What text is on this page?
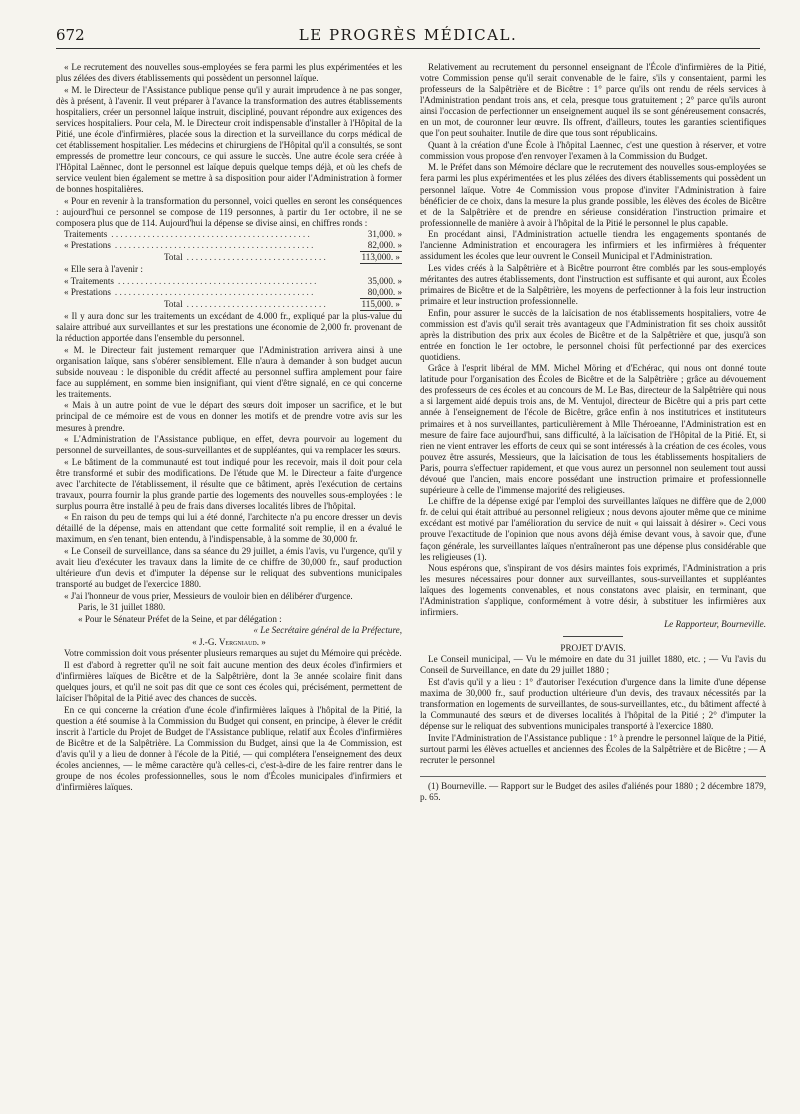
672	LE PROGRÈS MÉDICAL.

« Le recrutement des nouvelles sous-employées se fera parmi les plus expérimentées et les plus zélées des divers établissements qui possèdent un personnel laïque.

« M. le Directeur de l'Assistance publique pense qu'il y aurait imprudence à ne pas songer, dès à présent, à l'avenir. Il veut préparer à l'avance la transformation des autres établissements hospitaliers, créer un personnel laïque instruit, discipliné, pouvant répondre aux exigences des services hospitaliers. Pour cela, M. le Directeur croit indispensable d'installer à l'Hôpital de la Pitié, une école d'infirmières, placée sous la direction et la surveillance du corps médical de cet établissement hospitalier. Les médecins et chirurgiens de l'Hôpital qu'il a consultés, se sont empressés de promettre leur concours, ce qui assure le succès. Une autre école sera créée à l'Hôpital Laënnec, dont le personnel est laïque depuis quelque temps déjà, et où les chefs de service veulent bien également se mettre à sa disposition pour aider l'Administration à former de bonnes hospitalières.

« Pour en revenir à la transformation du personnel, voici quelles en seront les conséquences : aujourd'hui ce personnel se compose de 119 personnes, à partir du 1er octobre, il ne se composera plus que de 114. Aujourd'hui la dépense se divise ainsi, en chiffres ronds :

Traitements . . .	31,000. »
« Prestations . . .	82,000. »
Total . . .	113,000. »

« Elle sera à l'avenir :

« Traitements . . .	35,000. »
« Prestations . . .	80,000. »
Total . . .	115,000. »

« Il y aura donc sur les traitements un excédant de 4.000 fr., expliqué par la plus-value du salaire attribué aux surveillantes et sur les prestations une économie de 2,000 fr. provenant de la réduction apportée dans l'ensemble du personnel.

« M. le Directeur fait justement remarquer que l'Administration arrivera ainsi à une organisation laïque, sans s'obérer sensiblement. Elle n'aura à demander à son budget aucun subside nouveau : le disponible du crédit affecté au personnel suffira amplement pour faire face au supplément, en somme bien insignifiant, qui vient d'être signalé, en ce qui concerne les traitements.

« Mais à un autre point de vue le départ des sœurs doit imposer un sacrifice, et le but principal de ce mémoire est de vous en donner les motifs et de prendre votre avis sur les mesures à prendre.

« L'Administration de l'Assistance publique, en effet, devra pourvoir au logement du personnel de surveillantes, de sous-surveillantes et de suppléantes, qui va remplacer les sœurs.

« Le bâtiment de la communauté est tout indiqué pour les recevoir, mais il doit pour cela être transformé et subir des modifications. De l'étude que M. le Directeur a faite d'urgence avec l'architecte de l'établissement, il résulte que ce bâtiment, après l'exécution de certains travaux, pourra fournir la plus grande partie des logements des nouvelles sous-employées : le surplus pourra être installé à peu de frais dans diverses localités libres de l'hôpital.

« En raison du peu de temps qui lui a été donné, l'architecte n'a pu encore dresser un devis détaillé de la dépense, mais en attendant que cette formalité soit remplie, il en a évalué le maximum, en s'en tenant, bien entendu, à l'indispensable, à la somme de 30,000 fr.

« Le Conseil de surveillance, dans sa séance du 29 juillet, a émis l'avis, vu l'urgence, qu'il y avait lieu d'exécuter les travaux dans la limite de ce chiffre de 30,000 fr., sauf production ultérieure d'un devis et d'imputer la dépense sur le reliquat des subventions municipales transporté au budget de l'exercice 1880.

« J'ai l'honneur de vous prier, Messieurs de vouloir bien en délibérer d'urgence.

Paris, le 31 juillet 1880.

« Pour le Sénateur Préfet de la Seine, et par délégation :

« Le Secrétaire général de la Préfecture,

« J.-G. Vergniaud. »

Votre commission doit vous présenter plusieurs remarques au sujet du Mémoire qui précède.

Il est d'abord à regretter qu'il ne soit fait aucune mention des deux écoles d'infirmiers et d'infirmières laïques de Bicêtre et de la Salpêtrière, dont la 3e année scolaire finit dans quelques jours, et qu'il ne soit pas dit que ce sont ces écoles qui, précisément, permettent de laïciser l'hôpital de la Pitié avec des chances de succès.

En ce qui concerne la création d'une école d'infirmières laïques à l'hôpital de la Pitié, la question a été soumise à la Commission du Budget qui consent, en principe, à élever le crédit inscrit à l'article du Projet de Budget de l'Assistance publique, relatif aux Écoles d'infirmières de Bicêtre et de la Salpêtrière. La Commission du Budget, ainsi que la 4e Commission, est d'avis qu'il y a lieu de donner à l'école de la Pitié, — qui complétera l'enseignement des deux écoles anciennes, — le même caractère qu'à celles-ci, c'est-à-dire de les faire rentrer dans le groupe de nos écoles professionnelles, sous le nom d'Écoles municipales d'infirmiers et d'infirmières laïques.

Relativement au recrutement du personnel enseignant de l'École d'infirmières de la Pitié, votre Commission pense qu'il serait convenable de le faire, s'ils y consentaient, parmi les professeurs de la Salpêtrière et de Bicêtre : 1° parce qu'ils ont rendu de réels services à l'Administration pendant trois ans, et cela, presque tous gratuitement ; 2° parce qu'ils auront ainsi l'occasion de perfectionner un enseignement auquel ils se sont généreusement consacrés, en un mot, de couronner leur œuvre. Ils offrent, d'ailleurs, toutes les garanties scientifiques que l'on peut souhaiter. Inutile de dire que tous sont républicains.

Quant à la création d'une École à l'hôpital Laennec, c'est une question à réserver, et votre commission vous propose d'en renvoyer l'examen à la Commission du Budget.

M. le Préfet dans son Mémoire déclare que le recrutement des nouvelles sous-employées se fera parmi les plus expérimentées et les plus zélées des divers établissements qui possèdent un personnel laïque. Votre 4e Commission vous propose d'inviter l'Administration à faire bénéficier de ce choix, dans la mesure la plus grande possible, les élèves des écoles de Bicêtre et de la Salpêtrière et de prendre en sérieuse considération l'instruction primaire et professionnelle de manière à avoir à l'hôpital de la Pitié le personnel le plus capable.

En procédant ainsi, l'Administration actuelle tiendra les engagements spontanés de l'ancienne Administration et encouragera les infirmiers et les infirmières à fréquenter assidument les écoles que leur ouvrent le Conseil Municipal et l'Administration.

Les vides créés à la Salpêtrière et à Bicêtre pourront être comblés par les sous-employés méritantes des autres établissements, dont l'instruction est suffisante et qui auront, aux Écoles primaires de Bicêtre et de la Salpêtrière, les moyens de perfectionner à la fois leur instruction primaire et leur instruction professionnelle.

Enfin, pour assurer le succès de la laïcisation de nos établissements hospitaliers, votre 4e commission est d'avis qu'il serait très avantageux que l'Administration fit ses choix aussitôt après la distribution des prix aux écoles de Bicêtre et de la Salpêtrière et que, jusqu'à son entrée en fonction le 1er octobre, le personnel choisi fût perfectionné par des exercices quotidiens.

Grâce à l'esprit libéral de MM. Michel Möring et d'Echérac, qui nous ont donné toute latitude pour l'organisation des Écoles de Bicêtre et de la Salpêtrière ; grâce au dévouement des professeurs de ces écoles et au concours de M. Le Bas, directeur de la Salpêtrière qui nous a si largement aidé depuis trois ans, de M. Ventujol, directeur de Bicêtre qui a pris part cette année à l'enseignement de l'école de Bicêtre, grâce enfin à nos institutrices et instituteurs primaires et à nos surveillantes, particulièrement à Mlle Théroeanne, l'Administration est en mesure de faire face aujourd'hui, sans difficulté, à la laïcisation de l'Hôpital de la Pitié. Et, si rien ne vient entraver les efforts de ceux qui se sont intéressés à la création de ces écoles, vous pouvez être assurés, Messieurs, que la laïcisation de tous les établissements hospitaliers de Paris, pourra s'effectuer rapidement, et que vous aurez un personnel non seulement tout aussi dévoué que l'ancien, mais encore possédant une instruction primaire et professionnelle supérieure à celle de l'immense majorité des religieuses.

Le chiffre de la dépense exigé par l'emploi des surveillantes laïques ne diffère que de 2,000 fr. de celui qui était attribué au personnel religieux ; nous devons ajouter même que ce minime excédant est motivé par l'amélioration du service de nuit « qui laissait à désirer ». Ceci vous prouve l'exactitude de l'opinion que nous avons déjà émise devant vous, à savoir que, d'une façon générale, les surveillantes laïques n'entraîneront pas une dépense plus considérable que les religieuses (1).

Nous espérons que, s'inspirant de vos désirs maintes fois exprimés, l'Administration a pris les mesures nécessaires pour donner aux surveillantes, sous-surveillantes et suppléantes laïques des logements convenables, et nous constatons avec plaisir, en terminant, que l'Administration s'applique, conformément à votre désir, à substituer les infirmières aux infirmiers.

Le Rapporteur, Bourneville.

PROJET D'AVIS.

Le Conseil municipal, — Vu le mémoire en date du 31 juillet 1880, etc. ; — Vu l'avis du Conseil de Surveillance, en date du 29 juillet 1880 ;

Est d'avis qu'il y a lieu : 1° d'autoriser l'exécution d'urgence dans la limite d'une dépense maxima de 30,000 fr., sauf production ultérieure d'un devis, des travaux nécessités par la transformation en logements de surveillantes, de sous-surveillantes, etc., du bâtiment affecté à la Communauté des sœurs et de diverses localités à l'hôpital de la Pitié ; 2° d'imputer la dépense sur le reliquat des subventions municipales transporté à l'exercice 1880.

Invite l'Administration de l'Assistance publique : 1° à prendre le personnel laïque de la Pitié, surtout parmi les élèves actuelles et anciennes des Écoles de la Salpêtrière et de Bicêtre ; — A recruter le personnel

(1) Bourneville. — Rapport sur le Budget des asiles d'aliénés pour 1880 ; 2 décembre 1879, p. 65.
